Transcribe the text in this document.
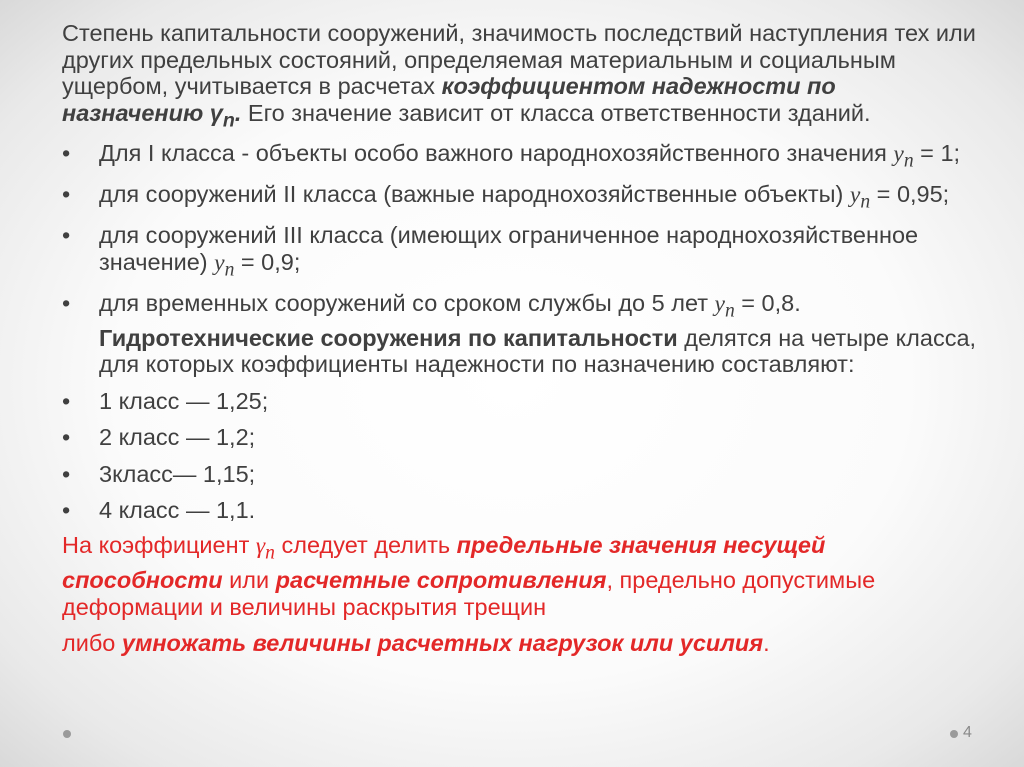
Степень капитальности сооружений, значимость последствий наступления тех или других предельных состояний, определяемая материальным и социальным ущербом, учитывается в расчетах коэффициентом надежности по назначению $\gamma_n$. Его значение зависит от класса ответственности зданий.

• Для I класса - объекты особо важного народнохозяйственного значения $y_n = 1$;
• для сооружений II класса (важные народнохозяйственные объекты) $y_n = 0,95$;
• для сооружений III класса (имеющих ограниченное народнохозяйственное значение) $y_n = 0,9$;
• для временных сооружений со сроком службы до 5 лет $y_n = 0,8$.
Гидротехнические сооружения по капитальности делятся на четыре класса, для которых коэффициенты надежности по назначению составляют:
• 1 класс — 1,25;
• 2 класс — 1,2;
• 3класс— 1,15;
• 4 класс — 1,1.

На коэффициент $\gamma_n$ следует делить предельные значения несущей способности или расчетные сопротивления, предельно допустимые деформации и величины раскрытия трещин

либо умножать величины расчетных нагрузок или усилия.

4
